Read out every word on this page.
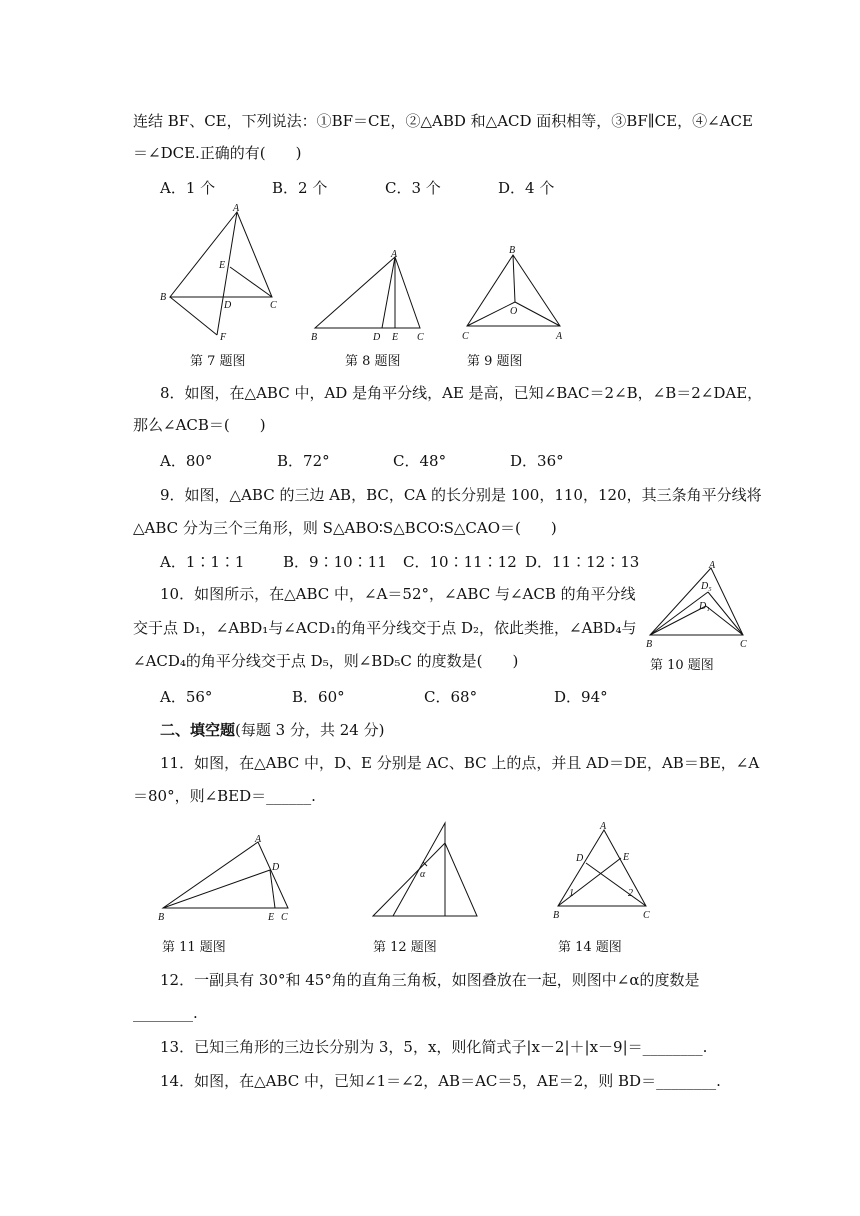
连结 BF、CE，下列说法：①BF＝CE，②△ABD 和△ACD 面积相等，③BF∥CE，④∠ACE
＝∠DCE.正确的有(　　)
A．1 个	B．2 个	C．3 个	D．4 个
A
E
B
D	C
F
第 7 题图
A
B	D E C
第 8 题图
B
O
C	A
第 9 题图
8．如图，在△ABC 中，AD 是角平分线，AE 是高，已知∠BAC＝2∠B，∠B＝2∠DAE，
那么∠ACB＝(　　)
A．80°	B．72°	C．48°	D．36°
9．如图，△ABC 的三边 AB，BC，CA 的长分别是 100，110，120，其三条角平分线将
△ABC 分为三个三角形，则 S△ABO∶S△BCO∶S△CAO＝(　　)
A．1∶1∶1	B．9∶10∶11 C．10∶11∶12 D．11∶12∶13
10．如图所示，在△ABC 中，∠A＝52°，∠ABC 与∠ACB 的角平分线
交于点 D₁，∠ABD₁与∠ACD₁的角平分线交于点 D₂，依此类推，∠ABD₄与
∠ACD₄的角平分线交于点 D₅，则∠BD₅C 的度数是(　　)
A．56°	B．60°	C．68°	D．94°
A
D₅
D₁
B	C
第 10 题图
二、填空题(每题 3 分，共 24 分)
11．如图，在△ABC 中，D、E 分别是 AC、BC 上的点，并且 AD＝DE，AB＝BE，∠A
＝80°，则∠BED＝______.
A
D
B	E C
第 11 题图
α
第 12 题图
A
D	E
1	2
B	C
第 14 题图
12．一副具有 30°和 45°角的直角三角板，如图叠放在一起，则图中∠α的度数是
________.
13．已知三角形的三边长分别为 3，5，x，则化简式子|x－2|＋|x－9|＝________.
14．如图，在△ABC 中，已知∠1＝∠2，AB＝AC＝5，AE＝2，则 BD＝________.
